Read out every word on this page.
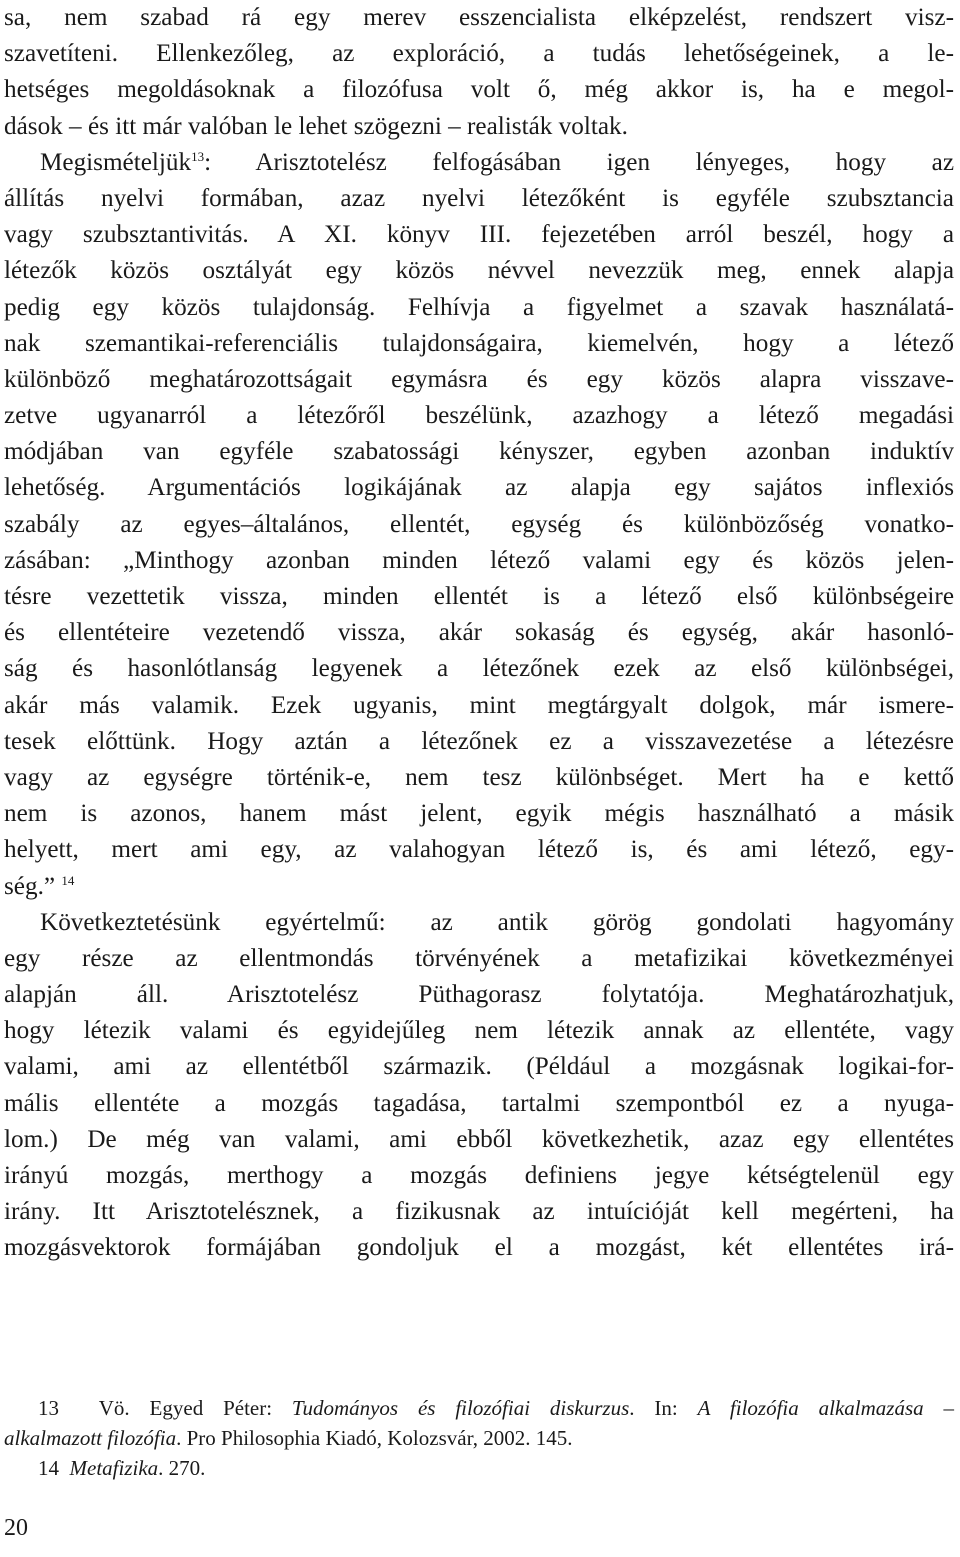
sa, nem szabad rá egy merev esszencialista elképzelést, rendszert visz-
szavetíteni. Ellenkezőleg, az exploráció, a tudás lehetőségeinek, a le-
hetséges megoldásoknak a filozófusa volt ő, még akkor is, ha e megol-
dások – és itt már valóban le lehet szögezni – realisták voltak.
Megismételjük$^{13}$: Arisztotelész felfogásában igen lényeges, hogy az
állítás nyelvi formában, azaz nyelvi létezőként is egyféle szubsztancia
vagy szubsztantivitás. A XI. könyv III. fejezetében arról beszél, hogy a
létezők közös osztályát egy közös névvel nevezzük meg, ennek alapja
pedig egy közös tulajdonság. Felhívja a figyelmet a szavak használatá-
nak szemantikai-referenciális tulajdonságaira, kiemelvén, hogy a létező
különböző meghatározottságait egymásra és egy közös alapra visszave-
zetve ugyanarról a létezőről beszélünk, azazhogy a létező megadási
módjában van egyféle szabatossági kényszer, egyben azonban induktív
lehetőség. Argumentációs logikájának az alapja egy sajátos inflexiós
szabály az egyes–általános, ellentét, egység és különbözőség vonatko-
zásában: „Minthogy azonban minden létező valami egy és közös jelen-
tésre vezettetik vissza, minden ellentét is a létező első különbségeire
és ellentéteire vezetendő vissza, akár sokaság és egység, akár hasonló-
ság és hasonlótlanság legyenek a létezőnek ezek az első különbségei,
akár más valamik. Ezek ugyanis, mint megtárgyalt dolgok, már ismere-
tesek előttünk. Hogy aztán a létezőnek ez a visszavezetése a létezésre
vagy az egységre történik-e, nem tesz különbséget. Mert ha e kettő
nem is azonos, hanem mást jelent, egyik mégis használható a másik
helyett, mert ami egy, az valahogyan létező is, és ami létező, egy-
ség.” $^{14}$
Következtetésünk egyértelmű: az antik görög gondolati hagyomány
egy része az ellentmondás törvényének a metafizikai következményei
alapján áll. Arisztotelész Püthagorasz folytatója. Meghatározhatjuk,
hogy létezik valami és egyidejűleg nem létezik annak az ellentéte, vagy
valami, ami az ellentétből származik. (Például a mozgásnak logikai-for-
mális ellentéte a mozgás tagadása, tartalmi szempontból ez a nyuga-
lom.) De még van valami, ami ebből következhetik, azaz egy ellentétes
irányú mozgás, merthogy a mozgás definiens jegye kétségtelenül egy
irány. Itt Arisztotelésznek, a fizikusnak az intuícióját kell megérteni, ha
mozgásvektorok formájában gondoljuk el a mozgást, két ellentétes irá-
13 Vö. Egyed Péter: Tudományos és filozófiai diskurzus. In: A filozófia alkalmazása –
alkalmazott filozófia. Pro Philosophia Kiadó, Kolozsvár, 2002. 145.
14 Metafizika. 270.
20
